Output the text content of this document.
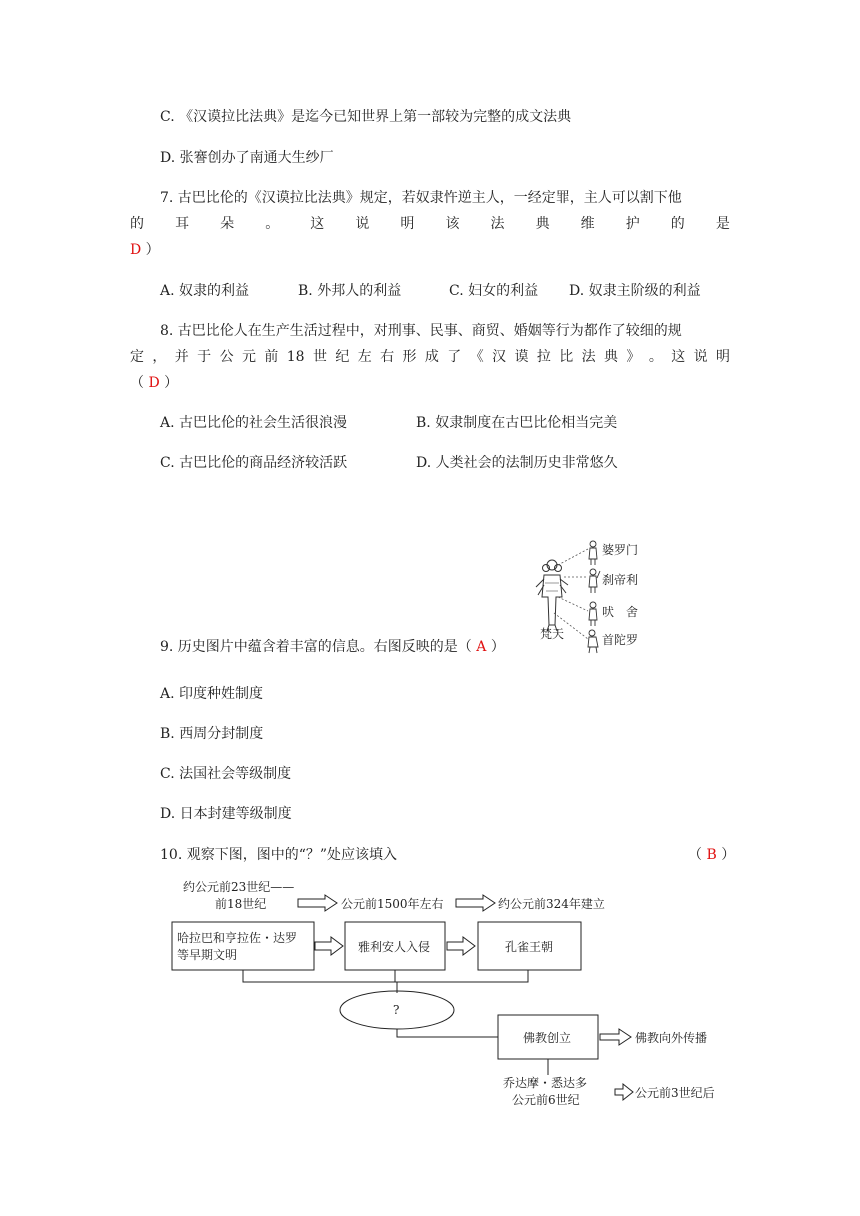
C. 《汉谟拉比法典》是迄今已知世界上第一部较为完整的成文法典
D. 张謇创办了南通大生纱厂
7. 古巴比伦的《汉谟拉比法典》规定，若奴隶忤逆主人，一经定罪，主人可以割下他
的 耳 朵 。 这 说 明 该 法 典 维 护 的 是
D ）
A. 奴隶的利益	B. 外邦人的利益	C. 妇女的利益 D. 奴隶主阶级的利益
8. 古巴比伦人在生产生活过程中，对刑事、民事、商贸、婚姻等行为都作了较细的规
定 ， 并 于 公 元 前 18 世 纪 左 右 形 成 了 《 汉 谟 拉 比 法 典 》 。 这 说 明
（ D ）
A. 古巴比伦的社会生活很浪漫	B. 奴隶制度在古巴比伦相当完美
C. 古巴比伦的商品经济较活跃	D. 人类社会的法制历史非常悠久
婆罗门
刹帝利
吠　舍
首陀罗
梵天
9. 历史图片中蕴含着丰富的信息。右图反映的是（ A ）
A. 印度种姓制度
B. 西周分封制度
C. 法国社会等级制度
D. 日本封建等级制度
10. 观察下图，图中的“？”处应该填入	（ B ）
约公元前23世纪——
前18世纪	公元前1500年左右	约公元前324年建立
哈拉巴和亨拉佐・达罗
等早期文明
雅利安人入侵	孔雀王朝
?
佛教创立	佛教向外传播
乔达摩・悉达多
公元前6世纪	公元前3世纪后
